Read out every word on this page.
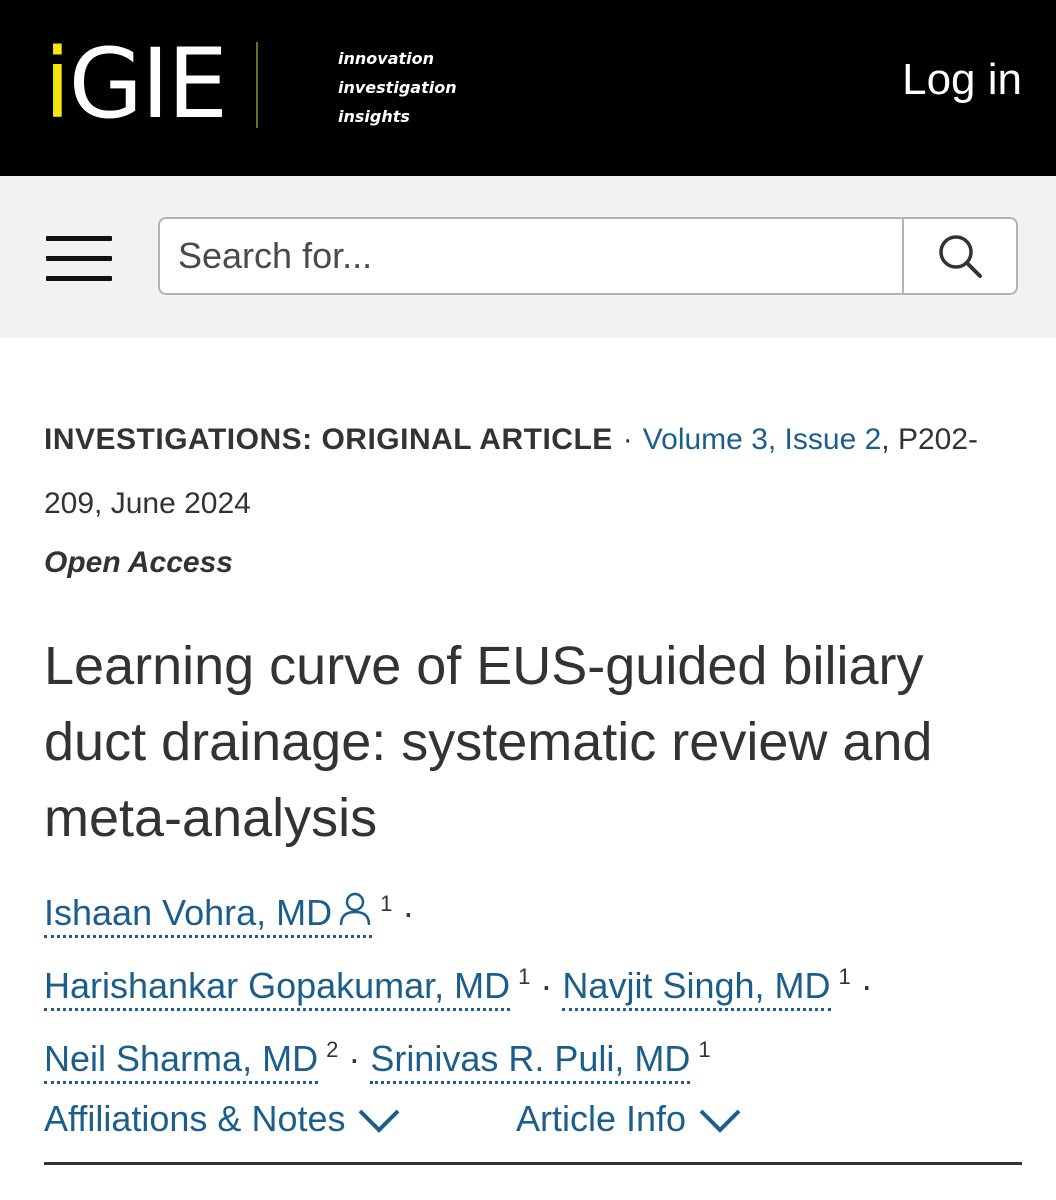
iGIE	innovation
investigation
insights
Log in
Search for...
INVESTIGATIONS: ORIGINAL ARTICLE · Volume 3, Issue 2, P202-209, June 2024
Open Access
Learning curve of EUS-guided biliary duct drainage: systematic review and meta-analysis
Ishaan Vohra, MD $^1$ ·
Harishankar Gopakumar, MD $^1$ · Navjit Singh, MD $^1$ ·
Neil Sharma, MD $^2$ · Srinivas R. Puli, MD $^1$
Affiliations & Notes	Article Info
